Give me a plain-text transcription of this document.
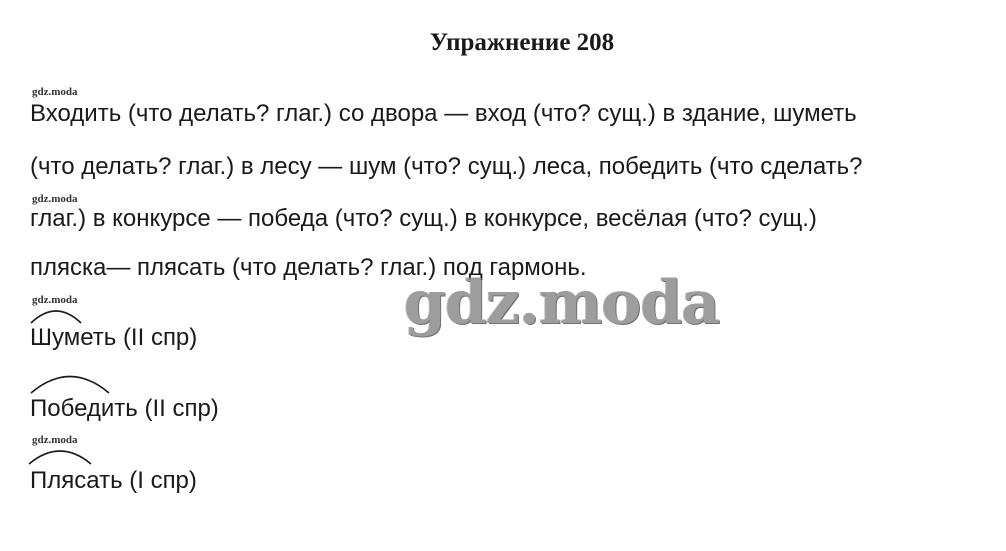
Упражнение 208
gdz.moda
gdz.moda
gdz.moda
gdz.moda
Входить (что делать? глаг.) со двора — вход (что? сущ.) в здание, шуметь
(что делать? глаг.) в лесу — шум (что? сущ.) леса, победить (что сделать?
глаг.) в конкурсе — победа (что? сущ.) в конкурсе, весёлая (что? сущ.)
пляска— плясать (что делать? глаг.) под гармонь.
gdz.moda
Шуметь (II спр)
Победить (II спр)
Плясать (I спр)
